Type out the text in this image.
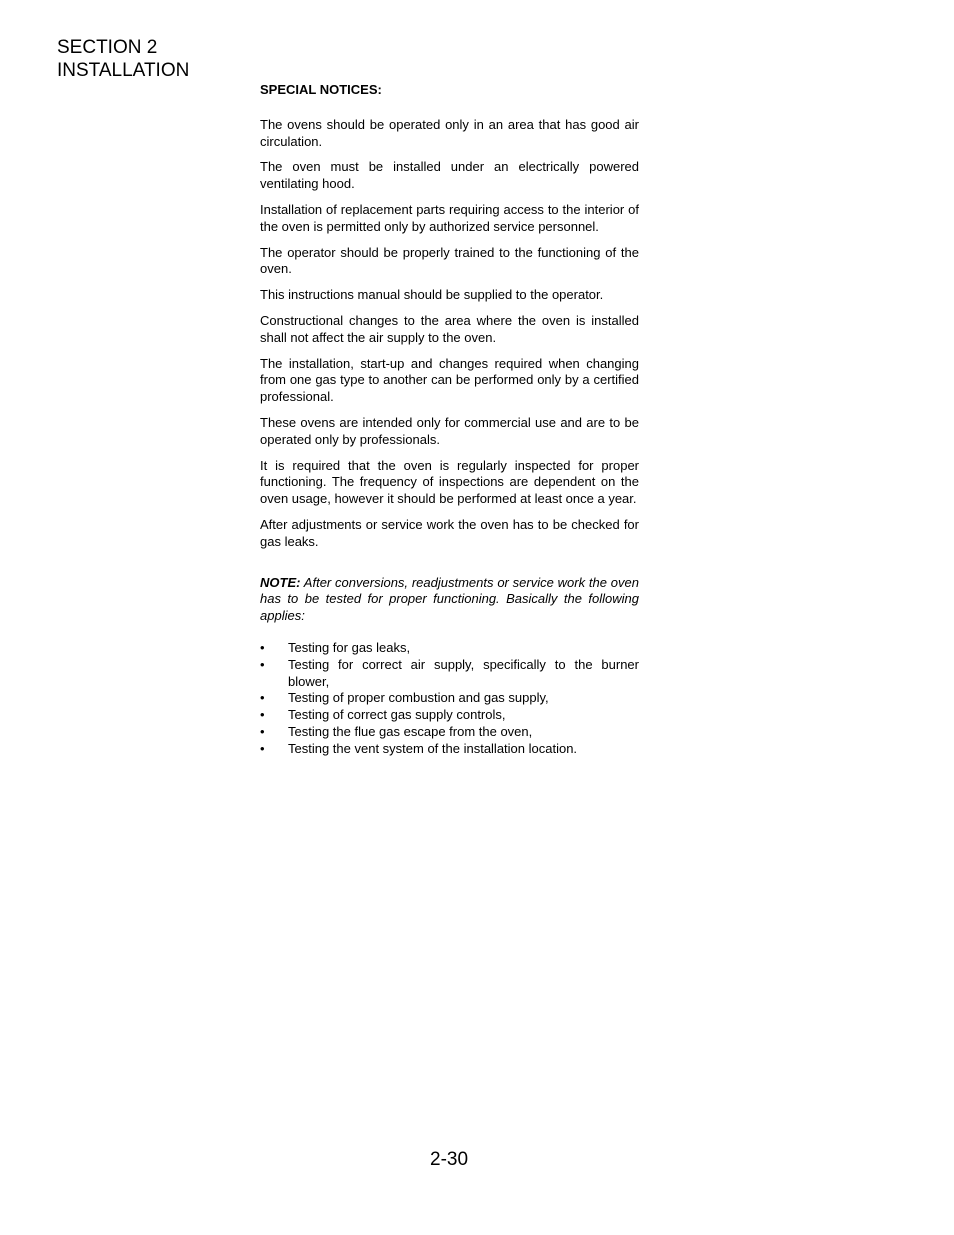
SECTION 2
INSTALLATION
SPECIAL NOTICES:

The ovens should be operated only in an area that has good air circulation.

The oven must be installed under an electrically powered ventilating hood.

Installation of replacement parts requiring access to the interior of the oven is permitted only by authorized service personnel.

The operator should be properly trained to the functioning of the oven.

This instructions manual should be supplied to the operator.

Constructional changes to the area where the oven is installed shall not affect the air supply to the oven.

The installation, start-up and changes required when changing from one gas type to another can be performed only by a certified professional.

These ovens are intended only for commercial use and are to be operated only by professionals.

It is required that the oven is regularly inspected for proper functioning. The frequency of inspections are dependent on the oven usage, however it should be performed at least once a year.

After adjustments or service work the oven has to be checked for gas leaks.

NOTE: After conversions, readjustments or service work the oven has to be tested for proper functioning. Basically the following applies:

• Testing for gas leaks,
• Testing for correct air supply, specifically to the burner blower,
• Testing of proper combustion and gas supply,
• Testing of correct gas supply controls,
• Testing the flue gas escape from the oven,
• Testing the vent system of the installation location.
2-30
